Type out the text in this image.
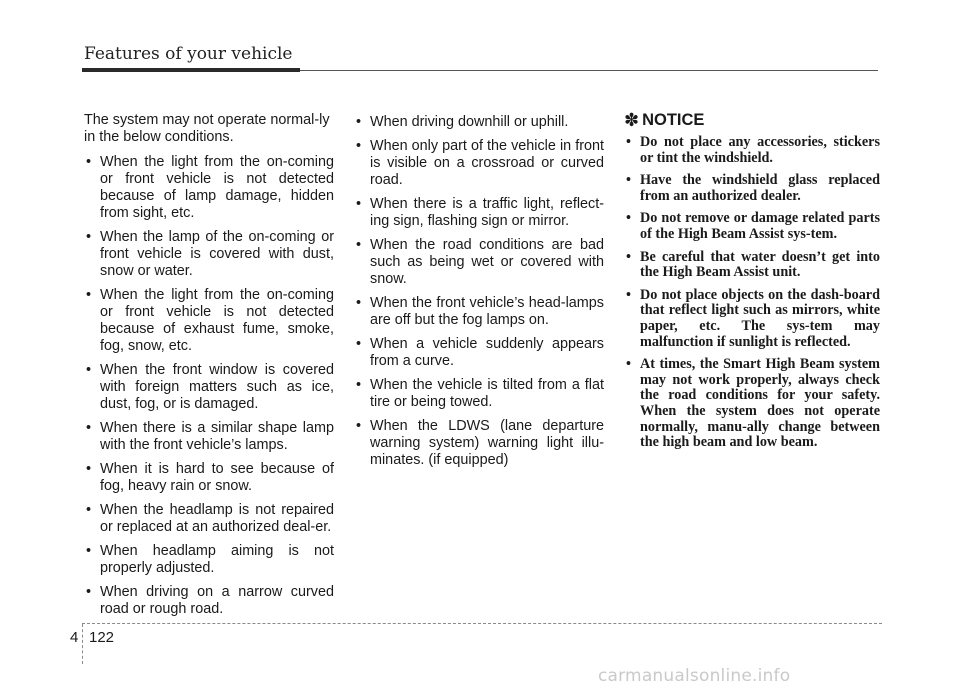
Features of your vehicle

The system may not operate normal-ly in the below conditions.

• When the light from the on-coming or front vehicle is not detected because of lamp damage, hidden from sight, etc.
• When the lamp of the on-coming or front vehicle is covered with dust, snow or water.
• When the light from the on-coming or front vehicle is not detected because of exhaust fume, smoke, fog, snow, etc.
• When the front window is covered with foreign matters such as ice, dust, fog, or is damaged.
• When there is a similar shape lamp with the front vehicle’s lamps.
• When it is hard to see because of fog, heavy rain or snow.
• When the headlamp is not repaired or replaced at an authorized deal-er.
• When headlamp aiming is not properly adjusted.
• When driving on a narrow curved road or rough road.
• When driving downhill or uphill.
• When only part of the vehicle in front is visible on a crossroad or curved road.
• When there is a traffic light, reflect-ing sign, flashing sign or mirror.
• When the road conditions are bad such as being wet or covered with snow.
• When the front vehicle’s head-lamps are off but the fog lamps on.
• When a vehicle suddenly appears from a curve.
• When the vehicle is tilted from a flat tire or being towed.
• When the LDWS (lane departure warning system) warning light illu-minates. (if equipped)
✽ NOTICE
• Do not place any accessories, stickers or tint the windshield.
• Have the windshield glass replaced from an authorized dealer.
• Do not remove or damage related parts of the High Beam Assist sys-tem.
• Be careful that water doesn’t get into the High Beam Assist unit.
• Do not place objects on the dash-board that reflect light such as mirrors, white paper, etc. The sys-tem may malfunction if sunlight is reflected.
• At times, the Smart High Beam system may not work properly, always check the road conditions for your safety. When the system does not operate normally, manu-ally change between the high beam and low beam.
4 122
carmanualsonline.info
